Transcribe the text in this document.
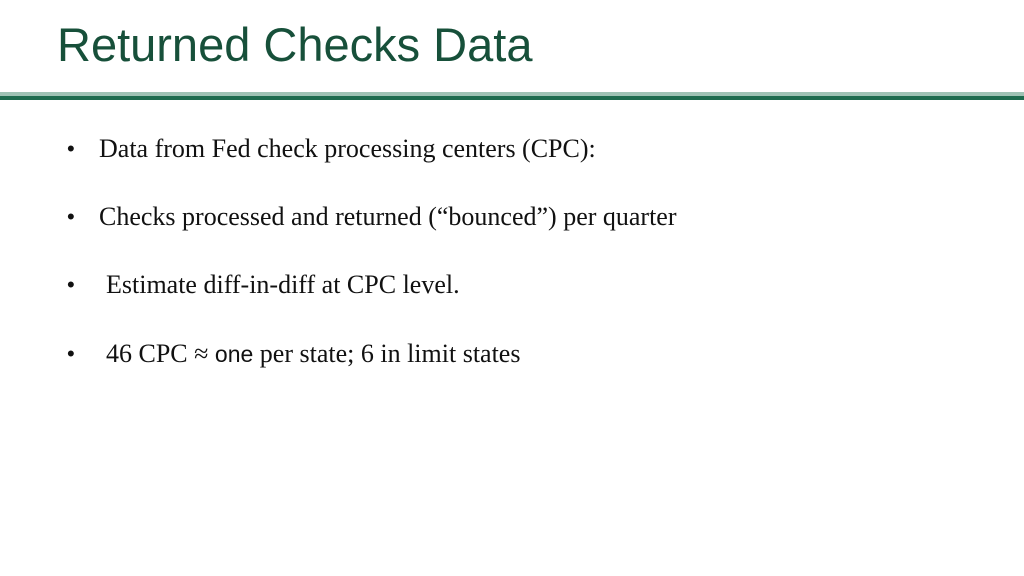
Returned Checks Data
• Data from Fed check processing centers (CPC):
• Checks processed and returned (“bounced”) per quarter
• Estimate diff-in-diff at CPC level.
• 46 CPC ≈ one per state; 6 in limit states
